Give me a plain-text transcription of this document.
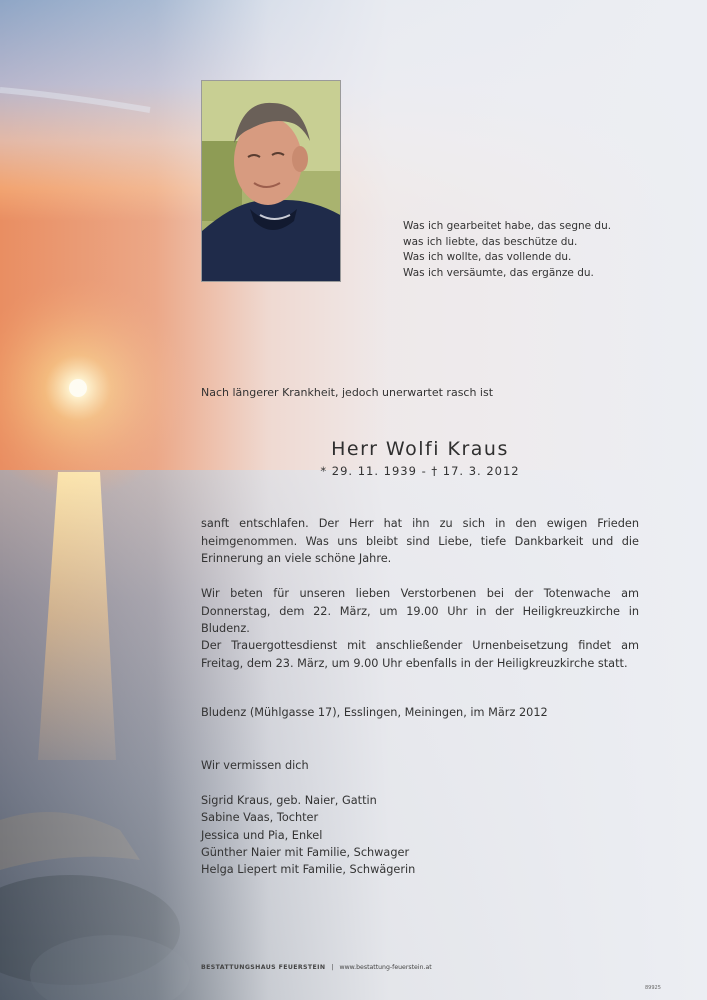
Was ich gearbeitet habe, das segne du.
was ich liebte, das beschütze du.
Was ich wollte, das vollende du.
Was ich versäumte, das ergänze du.
Nach längerer Krankheit, jedoch unerwartet rasch ist
Herr Wolfi Kraus
* 29. 11. 1939 - † 17. 3. 2012
sanft entschlafen. Der Herr hat ihn zu sich in den ewigen Frieden heimgenommen. Was uns bleibt sind Liebe, tiefe Dankbarkeit und die Erinnerung an viele schöne Jahre.
Wir beten für unseren lieben Verstorbenen bei der Totenwache am Donnerstag, dem 22. März, um 19.00 Uhr in der Heiligkreuzkirche in Bludenz.
Der Trauergottesdienst mit anschließender Urnenbeisetzung findet am Freitag, dem 23. März, um 9.00 Uhr ebenfalls in der Heiligkreuzkirche statt.
Bludenz (Mühlgasse 17), Esslingen, Meiningen, im März 2012
Wir vermissen dich
Sigrid Kraus, geb. Naier, Gattin
Sabine Vaas, Tochter
Jessica und Pia, Enkel
Günther Naier mit Familie, Schwager
Helga Liepert mit Familie, Schwägerin
BESTATTUNGSHAUS FEUERSTEIN | www.bestattung-feuerstein.at
89925
